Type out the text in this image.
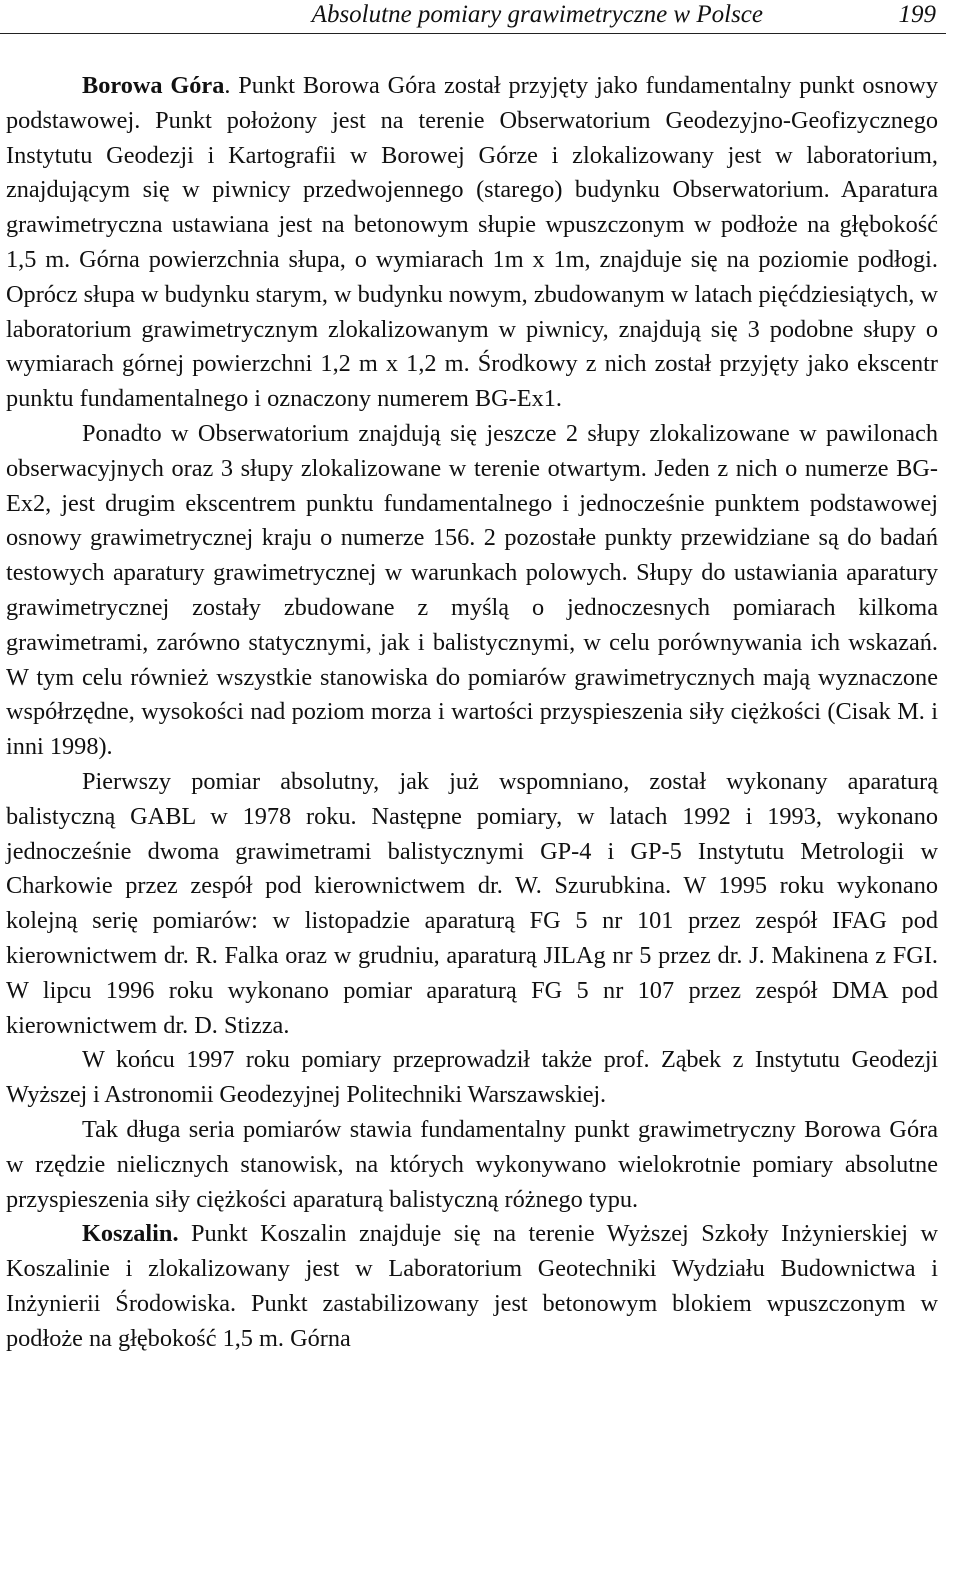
Absolutne pomiary grawimetryczne w Polsce	199

Borowa Góra. Punkt Borowa Góra został przyjęty jako fundamentalny punkt osnowy podstawowej. Punkt położony jest na terenie Obserwatorium Geodezyjno-Geofizycznego Instytutu Geodezji i Kartografii w Borowej Górze i zlokalizowany jest w laboratorium, znajdującym się w piwnicy przedwojennego (starego) budynku Obserwatorium. Aparatura grawimetryczna ustawiana jest na betonowym słupie wpuszczonym w podłoże na głębokość 1,5 m. Górna powierzchnia słupa, o wymiarach 1m x 1m, znajduje się na poziomie podłogi. Oprócz słupa w budynku starym, w budynku nowym, zbudowanym w latach pięćdziesiątych, w laboratorium grawimetrycznym zlokalizowanym w piwnicy, znajdują się 3 podobne słupy o wymiarach górnej powierzchni 1,2 m x 1,2 m. Środkowy z nich został przyjęty jako ekscentr punktu fundamentalnego i oznaczony numerem BG-Ex1.

Ponadto w Obserwatorium znajdują się jeszcze 2 słupy zlokalizowane w pawilonach obserwacyjnych oraz 3 słupy zlokalizowane w terenie otwartym. Jeden z nich o numerze BG-Ex2, jest drugim ekscentrem punktu fundamentalnego i jednocześnie punktem podstawowej osnowy grawimetrycznej kraju o numerze 156. 2 pozostałe punkty przewidziane są do badań testowych aparatury grawimetrycznej w warunkach polowych. Słupy do ustawiania aparatury grawimetrycznej zostały zbudowane z myślą o jednoczesnych pomiarach kilkoma grawimetrami, zarówno statycznymi, jak i balistycznymi, w celu porównywania ich wskazań. W tym celu również wszystkie stanowiska do pomiarów grawimetrycznych mają wyznaczone współrzędne, wysokości nad poziom morza i wartości przyspieszenia siły ciężkości (Cisak M. i inni 1998).

Pierwszy pomiar absolutny, jak już wspomniano, został wykonany aparaturą balistyczną GABL w 1978 roku. Następne pomiary, w latach 1992 i 1993, wykonano jednocześnie dwoma grawimetrami balistycznymi GP-4 i GP-5 Instytutu Metrologii w Charkowie przez zespół pod kierownictwem dr. W. Szurubkina. W 1995 roku wykonano kolejną serię pomiarów: w listopadzie aparaturą FG 5 nr 101 przez zespół IFAG pod kierownictwem dr. R. Falka oraz w grudniu, aparaturą JILAg nr 5 przez dr. J. Makinena z FGI. W lipcu 1996 roku wykonano pomiar aparaturą FG 5 nr 107 przez zespół DMA pod kierownictwem dr. D. Stizza.

W końcu 1997 roku pomiary przeprowadził także prof. Ząbek z Instytutu Geodezji Wyższej i Astronomii Geodezyjnej Politechniki Warszawskiej.

Tak długa seria pomiarów stawia fundamentalny punkt grawimetryczny Borowa Góra w rzędzie nielicznych stanowisk, na których wykonywano wielokrotnie pomiary absolutne przyspieszenia siły ciężkości aparaturą balistyczną różnego typu.

Koszalin. Punkt Koszalin znajduje się na terenie Wyższej Szkoły Inżynierskiej w Koszalinie i zlokalizowany jest w Laboratorium Geotechniki Wydziału Budownictwa i Inżynierii Środowiska. Punkt zastabilizowany jest betonowym blokiem wpuszczonym w podłoże na głębokość 1,5 m. Górna
